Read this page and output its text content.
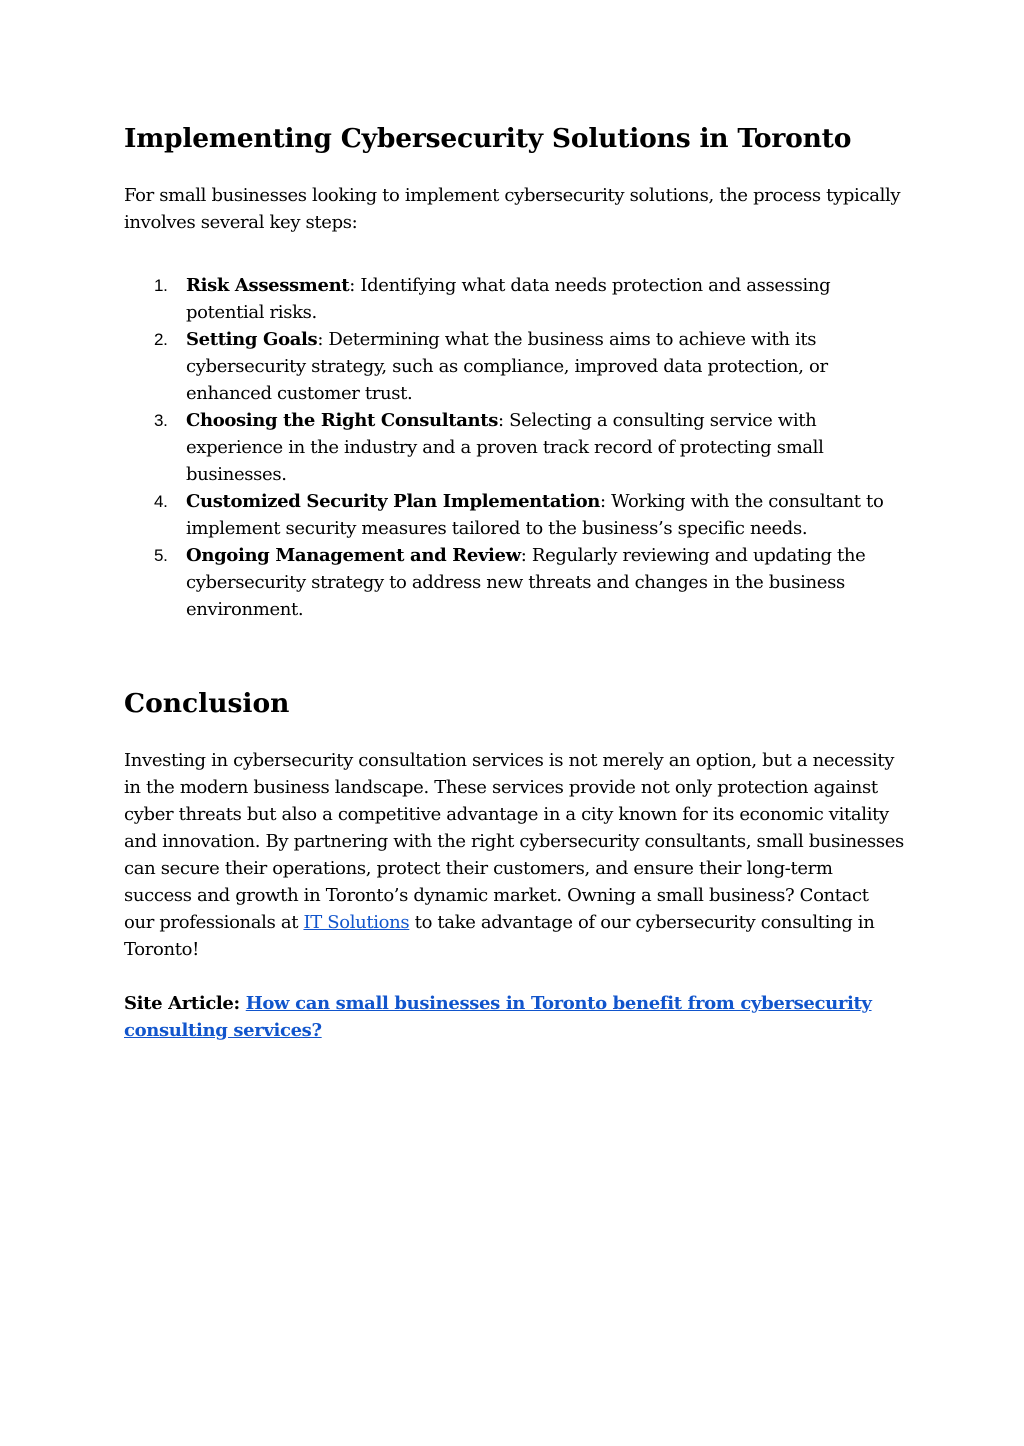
Implementing Cybersecurity Solutions in Toronto

For small businesses looking to implement cybersecurity solutions, the process typically involves several key steps:

1. Risk Assessment: Identifying what data needs protection and assessing potential risks.
2. Setting Goals: Determining what the business aims to achieve with its cybersecurity strategy, such as compliance, improved data protection, or enhanced customer trust.
3. Choosing the Right Consultants: Selecting a consulting service with experience in the industry and a proven track record of protecting small businesses.
4. Customized Security Plan Implementation: Working with the consultant to implement security measures tailored to the business’s specific needs.
5. Ongoing Management and Review: Regularly reviewing and updating the cybersecurity strategy to address new threats and changes in the business environment.
Conclusion

Investing in cybersecurity consultation services is not merely an option, but a necessity in the modern business landscape. These services provide not only protection against cyber threats but also a competitive advantage in a city known for its economic vitality and innovation. By partnering with the right cybersecurity consultants, small businesses can secure their operations, protect their customers, and ensure their long-term success and growth in Toronto’s dynamic market. Owning a small business? Contact our professionals at IT Solutions to take advantage of our cybersecurity consulting in Toronto!

Site Article: How can small businesses in Toronto benefit from cybersecurity consulting services?
